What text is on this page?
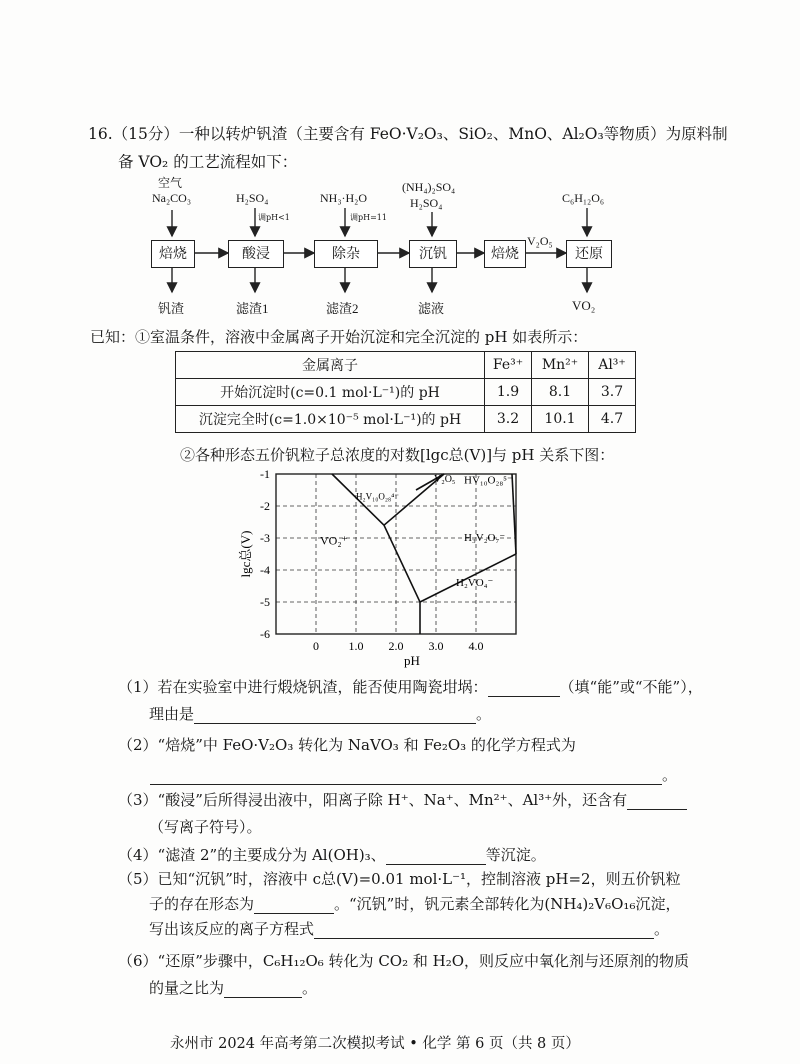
16.（15分）一种以转炉钒渣（主要含有 FeO·V₂O₃、SiO₂、MnO、Al₂O₃等物质）为原料制
备 VO₂ 的工艺流程如下：
空气
Na₂CO₃	H₂SO₄
调pH<1
NH₃·H₂O
调pH=11
(NH₄)₂SO₄
H₂SO₄	C₆H₁₂O₆
V₂O₅
焙烧	酸浸	除杂	沉钒	焙烧	还原
钒渣	滤渣1	滤渣2	滤液	VO₂
已知：①室温条件，溶液中金属离子开始沉淀和完全沉淀的 pH 如表所示：
金属离子	Fe³⁺	Mn²⁺	Al³⁺
开始沉淀时(c=0.1 mol·L⁻¹)的 pH	1.9	8.1	3.7
沉淀完全时(c=1.0×10⁻⁵ mol·L⁻¹)的 pH	3.2	10.1	4.7
②各种形态五价钒粒子总浓度的对数[lgc总(V)]与 pH 关系下图：
0 1.0 2.0 3.0 4.0
-1
-2
-3
-4
-5
-6
pH
lgc总(V)	VO₂⁺
H₂V₁₀O₂₈⁴⁻
V₂O₅ HV₁₀O₂₈⁵⁻
H₃V₂O₇⁻
H₂VO₄⁻
（1）若在实验室中进行煅烧钒渣，能否使用陶瓷坩埚：	（填“能”或“不能”），
理由是	。
（2）“焙烧”中 FeO·V₂O₃ 转化为 NaVO₃ 和 Fe₂O₃ 的化学方程式为
。
（3）“酸浸”后所得浸出液中，阳离子除 H⁺、Na⁺、Mn²⁺、Al³⁺外，还含有
（写离子符号）。
（4）“滤渣 2”的主要成分为 Al(OH)₃、	等沉淀。
（5）已知“沉钒”时，溶液中 c总(V)=0.01 mol·L⁻¹，控制溶液 pH=2，则五价钒粒
子的存在形态为	。“沉钒”时，钒元素全部转化为(NH₄)₂V₆O₁₆沉淀，
写出该反应的离子方程式	。
（6）“还原”步骤中，C₆H₁₂O₆ 转化为 CO₂ 和 H₂O，则反应中氧化剂与还原剂的物质
的量之比为	。
永州市 2024 年高考第二次模拟考试 • 化学 第 6 页（共 8 页）
